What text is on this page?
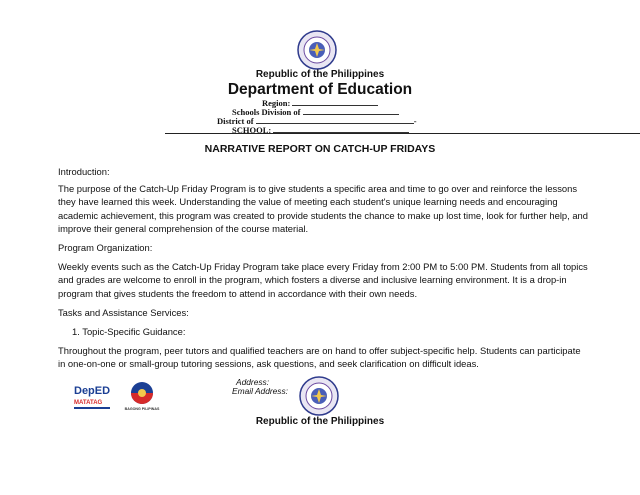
Republic of the Philippines
Department of Education
Region:
Schools Division of
District of	-
SCHOOL:
NARRATIVE REPORT ON CATCH-UP FRIDAYS
Introduction:
The purpose of the Catch-Up Friday Program is to give students a specific area and time to go over and reinforce the lessons they have learned this week. Understanding the value of meeting each student's unique learning needs and encouraging academic achievement, this program was created to provide students the chance to make up lost time, look for further help, and improve their general comprehension of the course material.
Program Organization:
Weekly events such as the Catch-Up Friday Program take place every Friday from 2:00 PM to 5:00 PM. Students from all topics and grades are welcome to enroll in the program, which fosters a diverse and inclusive learning environment. It is a drop-in program that gives students the freedom to attend in accordance with their own needs.
Tasks and Assistance Services:
1. Topic-Specific Guidance:
Throughout the program, peer tutors and qualified teachers are on hand to offer subject-specific help. Students can participate in one-on-one or small-group tutoring sessions, ask questions, and seek clarification on difficult ideas.
DepED
MATATAG
BAGONG PILIPINAS
Address:
Email Address:
Republic of the Philippines
